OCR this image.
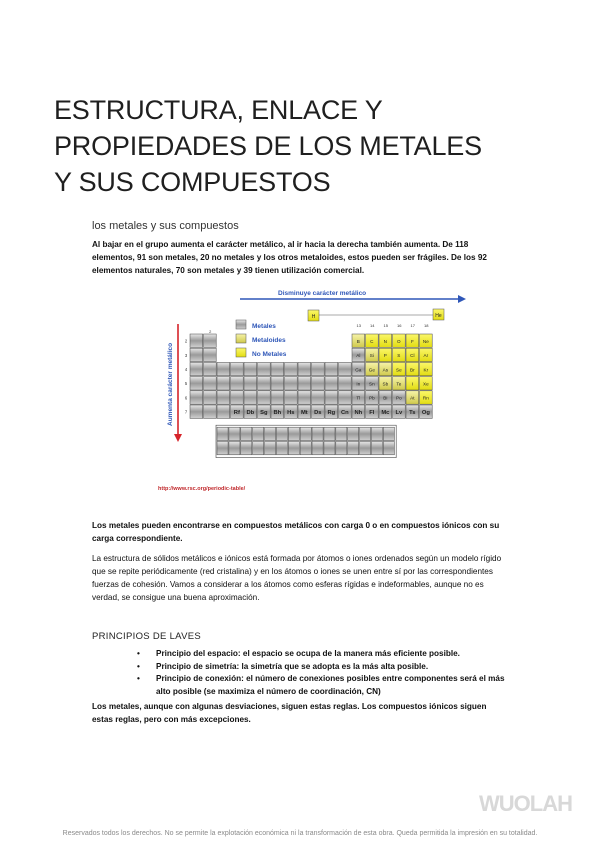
ESTRUCTURA, ENLACE Y
PROPIEDADES DE LOS METALES
Y SUS COMPUESTOS
los metales y sus compuestos
Al bajar en el grupo aumenta el carácter metálico, al ir hacia la derecha también aumenta. De 118 elementos, 91 son metales, 20 no metales y los otros metaloides, estos pueden ser frágiles. De los 92 elementos naturales, 70 son metales y 39 tienen utilización comercial.
Disminuye carácter metálico
Aumenta carácter metálico
Metales
Metaloides
No Metales
H	He
2
13 14 15 16 17 18
2
3
4
5
6
7
B C N O F Ne
Al Si P S Cl Ar
Ga Ge As Se Br Kr
In Sn Sb Te I Xe
Tl Pb Bi Po At Rn
Rf Db Sg Bh Hs Mt Ds Rg Cn Nh Fl Mc Lv Ts Og
http://www.rsc.org/periodic-table/
Los metales pueden encontrarse en compuestos metálicos con carga 0 o en compuestos iónicos con su carga correspondiente.
La estructura de sólidos metálicos e iónicos está formada por átomos o iones ordenados según un modelo rígido que se repite periódicamente (red cristalina) y en los átomos o iones se unen entre sí por las correspondientes fuerzas de cohesión. Vamos a considerar a los átomos como esferas rígidas e indeformables, aunque no es verdad, se consigue una buena aproximación.
PRINCIPIOS DE LAVES
• Principio del espacio: el espacio se ocupa de la manera más eficiente posible.
• Principio de simetría: la simetría que se adopta es la más alta posible.
• Principio de conexión: el número de conexiones posibles entre componentes será el más alto posible (se maximiza el número de coordinación, CN)
Los metales, aunque con algunas desviaciones, siguen estas reglas. Los compuestos iónicos siguen estas reglas, pero con más excepciones.
WUOLAH
Reservados todos los derechos. No se permite la explotación económica ni la transformación de esta obra. Queda permitida la impresión en su totalidad.
